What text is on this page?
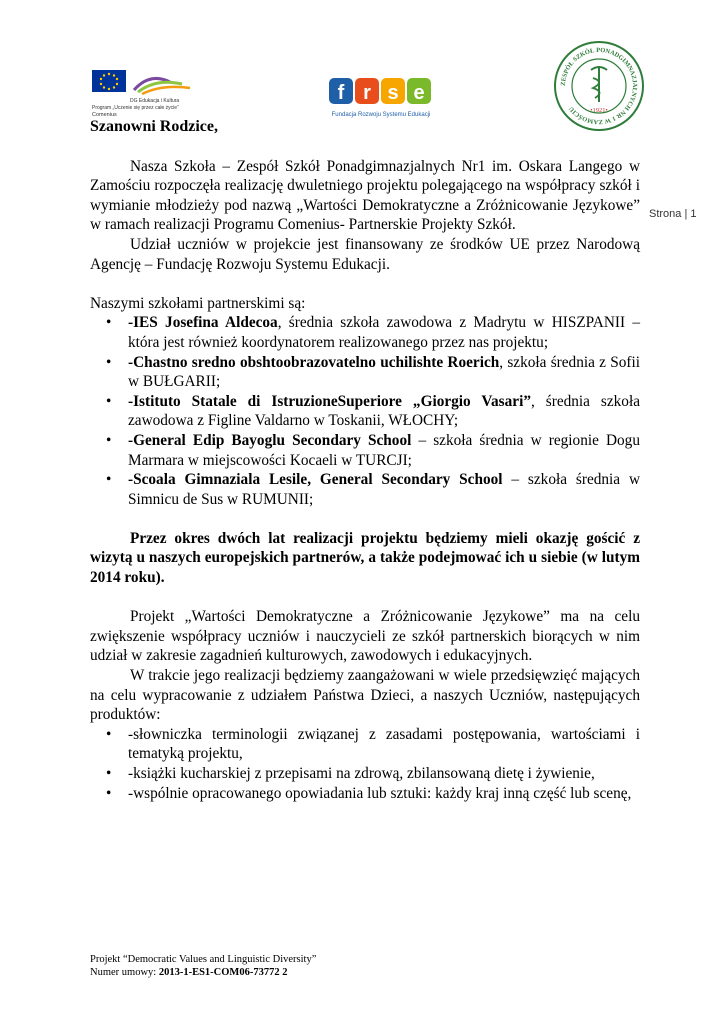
DG Edukacja i Kultura
Program „Uczenie się przez całe życie”
Comenius
f r s e
Fundacja Rozwoju Systemu Edukacji
ZESPÓŁ SZKÓŁ PONADGIMNAZJALNYCH NR 1 W ZAMOŚCIU	•1921•
Strona | 1

Szanowni Rodzice,

Nasza Szkoła – Zespół Szkół Ponadgimnazjalnych Nr1 im. Oskara Langego w Zamościu rozpoczęła realizację dwuletniego projektu polegającego na współpracy szkół i wymianie młodzieży pod nazwą „Wartości Demokratyczne a Zróżnicowanie Językowe” w ramach realizacji Programu Comenius- Partnerskie Projekty Szkół.

Udział uczniów w projekcie jest finansowany ze środków UE przez Narodową Agencję – Fundację Rozwoju Systemu Edukacji.

Naszymi szkołami partnerskimi są:

• -IES Josefina Aldecoa, średnia szkoła zawodowa z Madrytu w HISZPANII – która jest również koordynatorem realizowanego przez nas projektu;
• -Chastno sredno obshtoobrazovatelno uchilishte Roerich, szkoła średnia z Sofii w BUŁGARII;
• -Istituto Statale di IstruzioneSuperiore „Giorgio Vasari”, średnia szkoła zawodowa z Figline Valdarno w Toskanii, WŁOCHY;
• -General Edip Bayoglu Secondary School – szkoła średnia w regionie Dogu Marmara w miejscowości Kocaeli w TURCJI;
• -Scoala Gimnaziala Lesile, General Secondary School – szkoła średnia w Simnicu de Sus w RUMUNII;

Przez okres dwóch lat realizacji projektu będziemy mieli okazję gościć z wizytą u naszych europejskich partnerów, a także podejmować ich u siebie (w lutym 2014 roku).

Projekt „Wartości Demokratyczne a Zróżnicowanie Językowe” ma na celu zwiększenie współpracy uczniów i nauczycieli ze szkół partnerskich biorących w nim udział w zakresie zagadnień kulturowych, zawodowych i edukacyjnych.

W trakcie jego realizacji będziemy zaangażowani w wiele przedsięwzięć mających na celu wypracowanie z udziałem Państwa Dzieci, a naszych Uczniów, następujących produktów:

• -słowniczka terminologii związanej z zasadami postępowania, wartościami i tematyką projektu,
• -książki kucharskiej z przepisami na zdrową, zbilansowaną dietę i żywienie,
• -wspólnie opracowanego opowiadania lub sztuki: każdy kraj inną część lub scenę,
Projekt “Democratic Values and Linguistic Diversity”
Numer umowy: 2013-1-ES1-COM06-73772 2
